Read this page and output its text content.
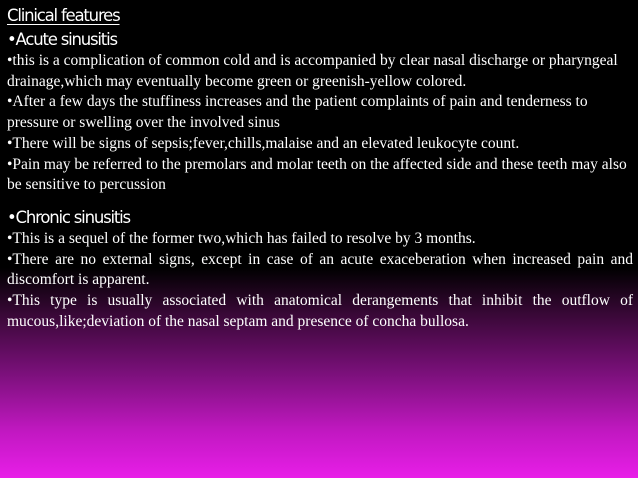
Clinical features
•Acute sinusitis

•this is a complication of common cold and is accompanied by clear nasal discharge or pharyngeal drainage,which may eventually become green or greenish-yellow colored.

•After a few days the stuffiness increases and the patient complaints of pain and tenderness to pressure or swelling over the involved sinus

•There will be signs of sepsis;fever,chills,malaise and an elevated leukocyte count.

•Pain may be referred to the premolars and molar teeth on the affected side and these teeth may also be sensitive to percussion

•Chronic sinusitis

•This is a sequel of the former two,which has failed to resolve by 3 months.

•There are no external signs, except in case of an acute exaceberation when increased pain and discomfort is apparent.

•This type is usually associated with anatomical derangements that inhibit the outflow of mucous,like;deviation of the nasal septam and presence of concha bullosa.
